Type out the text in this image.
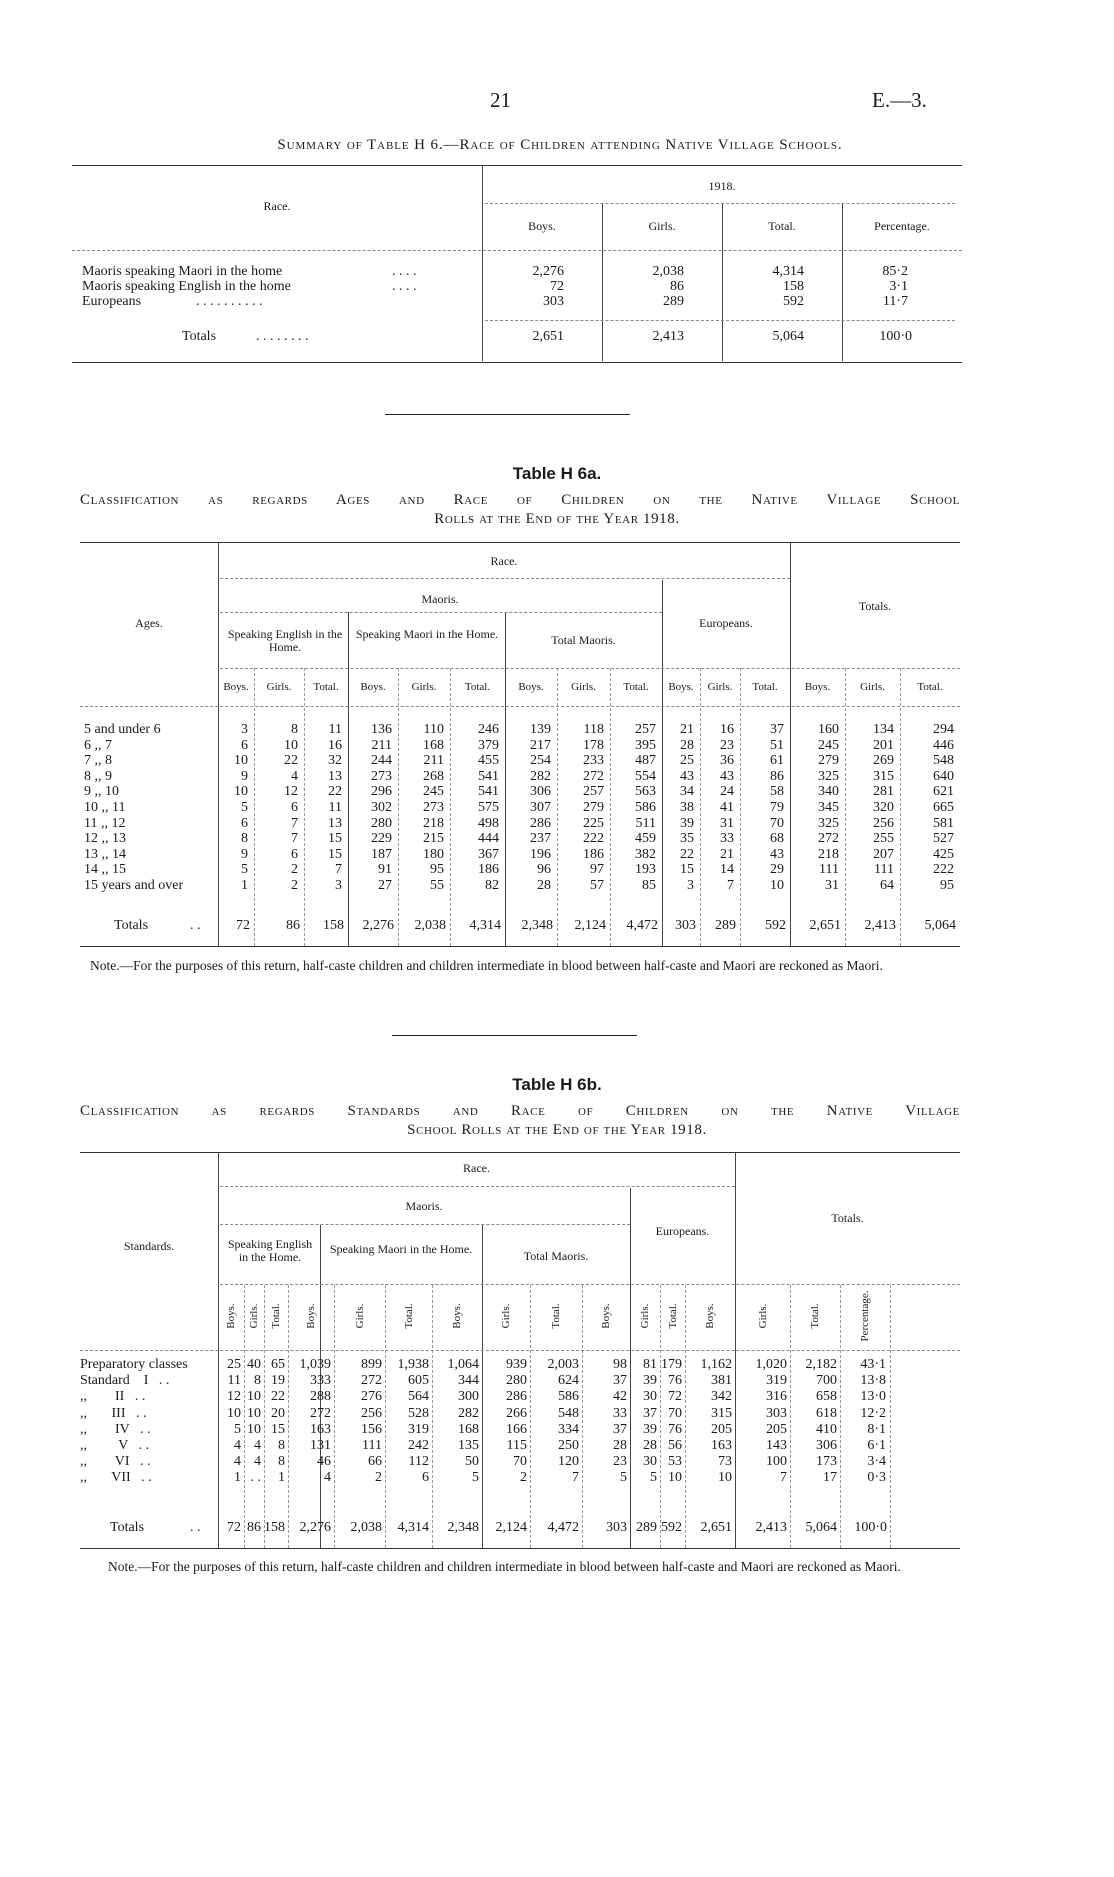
21	E.—3.
Summary of Table H 6.—Race of Children attending Native Village Schools.
Race.
1918.
Boys.	Girls.	Total.	Percentage.
Maoris speaking Maori in the home	. . . .	2,276	2,038	4,314	85·2
Maoris speaking English in the home	. . . .	72	86	158	3·1
Europeans	. . . . . . . . . .	303	289	592	11·7
Totals	. . . . . . . .	2,651	2,413	5,064	100·0
Table H 6a.
Classification as regards Ages and Race of Children on the Native Village School
Rolls at the End of the Year 1918.
Race.
Maoris.
Ages.
Totals.
Europeans.
Speaking English in the Home.
Speaking Maori in the Home.	Total Maoris.
Boys.	Girls.	Total.	Boys.	Girls.	Total.	Boys.	Girls.	Total.	Boys.	Girls.	Total.	Boys.	Girls.	Total.
5 and under 6	3	8	11	136	110	246	139	118	257	21	16	37	160	134	294
6 ,, 7	6	10	16	211	168	379	217	178	395	28	23	51	245	201	446
7 ,, 8	10	22	32	244	211	455	254	233	487	25	36	61	279	269	548
8 ,, 9	9	4	13	273	268	541	282	272	554	43	43	86	325	315	640
9 ,, 10	10	12	22	296	245	541	306	257	563	34	24	58	340	281	621
10 ,, 11	5	6	11	302	273	575	307	279	586	38	41	79	345	320	665
11 ,, 12	6	7	13	280	218	498	286	225	511	39	31	70	325	256	581
12 ,, 13	8	7	15	229	215	444	237	222	459	35	33	68	272	255	527
13 ,, 14	9	6	15	187	180	367	196	186	382	22	21	43	218	207	425
14 ,, 15	5	2	7	91	95	186	96	97	193	15	14	29	111	111	222
15 years and over	1	2	3	27	55	82	28	57	85	3	7	10	31	64	95
Totals	. .	72	86	158	2,276	2,038	4,314	2,348	2,124	4,472	303	289	592	2,651	2,413	5,064
Note.—For the purposes of this return, half-caste children and children intermediate in blood between half-caste and Maori are reckoned as Maori.
Table H 6b.
Classification as regards Standards and Race of Children on the Native Village
School Rolls at the End of the Year 1918.
Race.
Maoris.
Standards.
Totals.
Europeans.
Speaking English in the Home.
Speaking Maori in the Home.	Total Maoris.
Boys. Girls. Total. Boys.	Girls.	Total.	Boys.	Girls.	Total.	Boys. Girls. Total. Boys.	Girls.	Total.	Percentage.
Preparatory classes	25 40 65	1,039	899	1,938	1,064	939	2,003	98	81 179	1,162	1,020	2,182	43·1
Standard    I   . .	11 8 19	333	272	605	344	280	624	37	39 76	381	319	700	13·8
,,        II   . .	12 10 22	288	276	564	300	286	586	42	30 72	342	316	658	13·0
,,       III   . .	10 10 20	272	256	528	282	266	548	33	37 70	315	303	618	12·2
,,        IV   . .	5 10 15	163	156	319	168	166	334	37	39 76	205	205	410	8·1
,,         V   . .	4 4	8	131	111	242	135	115	250	28	28 56	163	143	306	6·1
,,        VI   . .	4 4	8	46	66	112	50	70	120	23	30 53	73	100	173	3·4
,,       VII   . .	1 . .	1	4	2	6	5	2	7	5	5 10	10	7	17	0·3
Totals	. .	72 86 158	2,276	2,038	4,314	2,348	2,124	4,472	303 289 592	2,651	2,413	5,064	100·0
Note.—For the purposes of this return, half-caste children and children intermediate in blood between half-caste and Maori are reckoned as Maori.
